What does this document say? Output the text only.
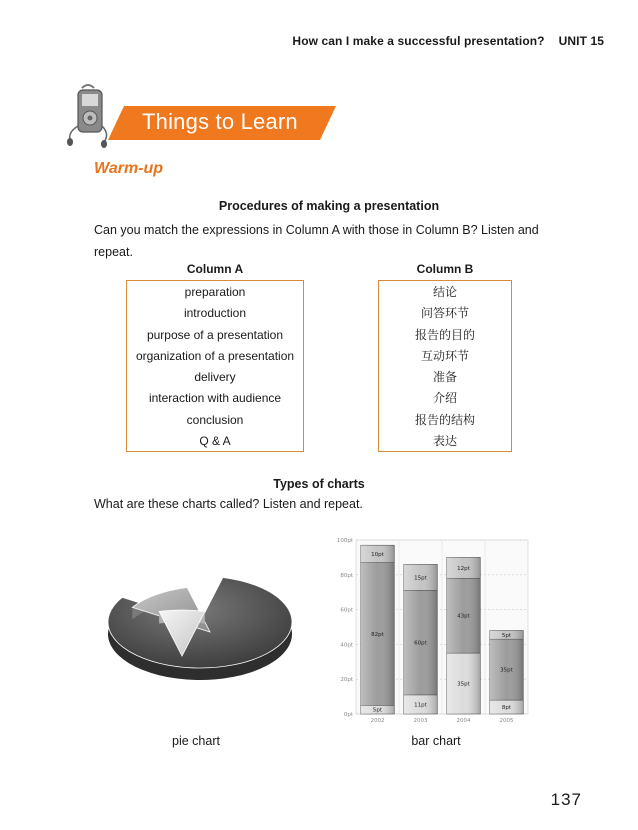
How can I make a successful presentation? UNIT 15
Things to Learn
Warm-up
Procedures of making a presentation
Can you match the expressions in Column A with those in Column B? Listen and repeat.
Column A	Column B
preparation
introduction
purpose of a presentation
organization of a presentation
delivery
interaction with audience
conclusion
Q & A
结论
问答环节
报告的目的
互动环节
准备
介绍
报告的结构
表达
Types of charts
What are these charts called? Listen and repeat.
0pt
20pt
40pt
60pt
80pt
100pt
5pt
82pt
10pt
2002
11pt
60pt
15pt
2003
35pt
43pt
12pt
2004
8pt
35pt
5pt
2005
pie chart	bar chart
137
